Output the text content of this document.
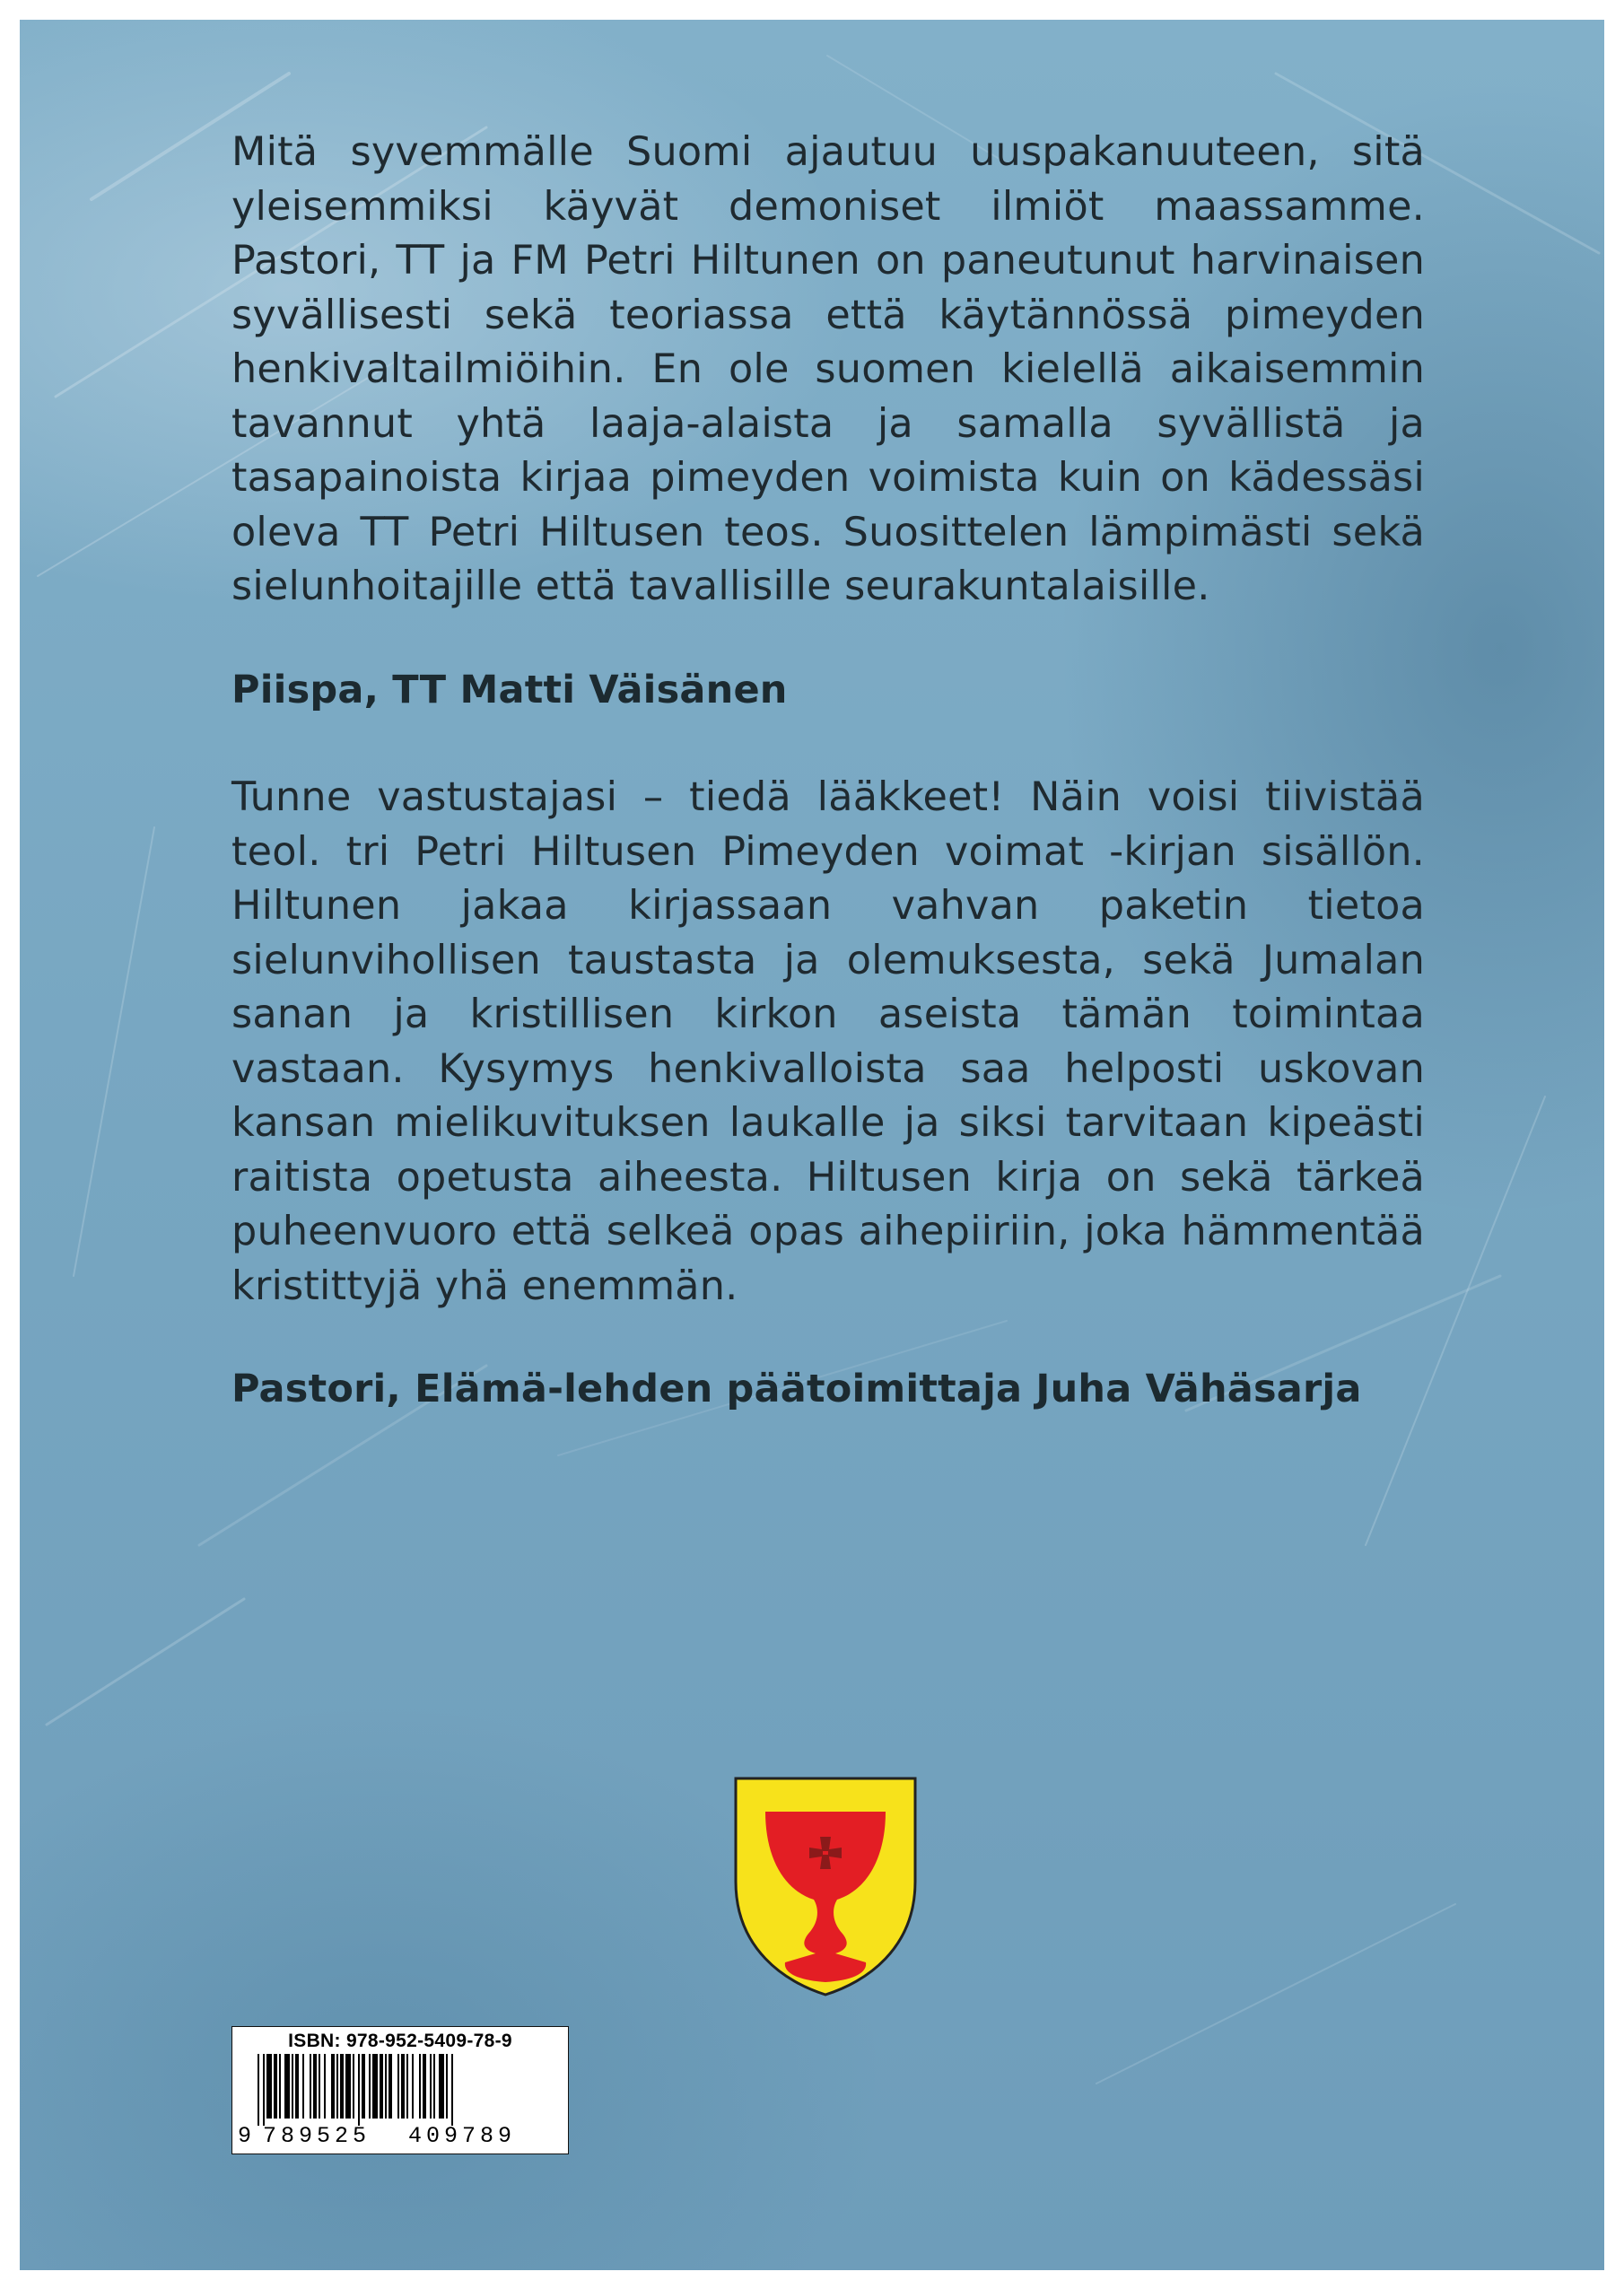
Mitä syvemmälle Suomi ajautuu uuspakanuuteen, sitä yleisemmiksi käyvät demoniset ilmiöt maassamme. Pastori, TT ja FM Petri Hiltunen on paneutunut harvinaisen syvällisesti sekä teoriassa että käytännössä pimeyden henkivaltailmiöihin. En ole suomen kielellä aikaisemmin tavannut yhtä laaja-alaista ja samalla syvällistä ja tasapainoista kirjaa pimeyden voimista kuin on kädessäsi oleva TT Petri Hiltusen teos. Suosittelen lämpimästi sekä sielunhoitajille että tavallisille seurakuntalaisille.

Piispa, TT Matti Väisänen

Tunne vastustajasi – tiedä lääkkeet! Näin voisi tiivistää teol. tri Petri Hiltusen Pimeyden voimat -kirjan sisällön. Hiltunen jakaa kirjassaan vahvan paketin tietoa sielunvihollisen taustasta ja olemuksesta, sekä Jumalan sanan ja kristillisen kirkon aseista tämän toimintaa vastaan. Kysymys henkivalloista saa helposti uskovan kansan mielikuvituksen laukalle ja siksi tarvitaan kipeästi raitista opetusta aiheesta. Hiltusen kirja on sekä tärkeä puheenvuoro että selkeä opas aihepiiriin, joka hämmentää kristittyjä yhä enemmän.

Pastori, Elämä-lehden päätoimittaja Juha Vähäsarja

ISBN: 978-952-5409-78-9
9 789525 409789
